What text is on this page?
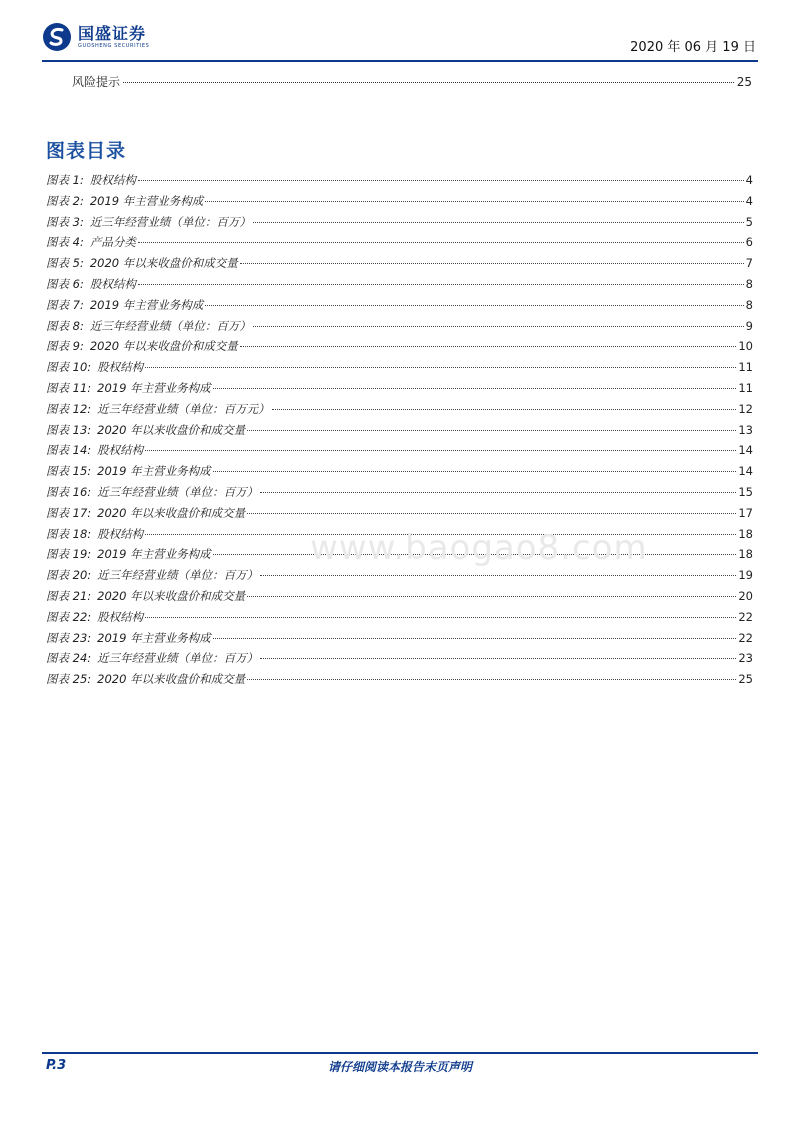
国盛证券
GUOSHENG SECURITIES	2020 年 06 月 19 日
风险提示	25
图表目录
图表 1: 股权结构	4
图表 2: 2019 年主营业务构成	4
图表 3: 近三年经营业绩（单位：百万）	5
图表 4: 产品分类	6
图表 5: 2020 年以来收盘价和成交量	7
图表 6: 股权结构	8
图表 7: 2019 年主营业务构成	8
图表 8: 近三年经营业绩（单位：百万）	9
图表 9: 2020 年以来收盘价和成交量	10
图表 10: 股权结构	11
图表 11: 2019 年主营业务构成	11
图表 12: 近三年经营业绩（单位：百万元）	12
图表 13: 2020 年以来收盘价和成交量	13
图表 14: 股权结构	14
图表 15: 2019 年主营业务构成	14
图表 16: 近三年经营业绩（单位：百万）	15
图表 17: 2020 年以来收盘价和成交量	17
图表 18: 股权结构	18
图表 19: 2019 年主营业务构成	18
图表 20: 近三年经营业绩（单位：百万）	19
图表 21: 2020 年以来收盘价和成交量	20
图表 22: 股权结构	22
图表 23: 2019 年主营业务构成	22
图表 24: 近三年经营业绩（单位：百万）	23
图表 25: 2020 年以来收盘价和成交量	25
www.baogao8.com
P.3	请仔细阅读本报告末页声明
